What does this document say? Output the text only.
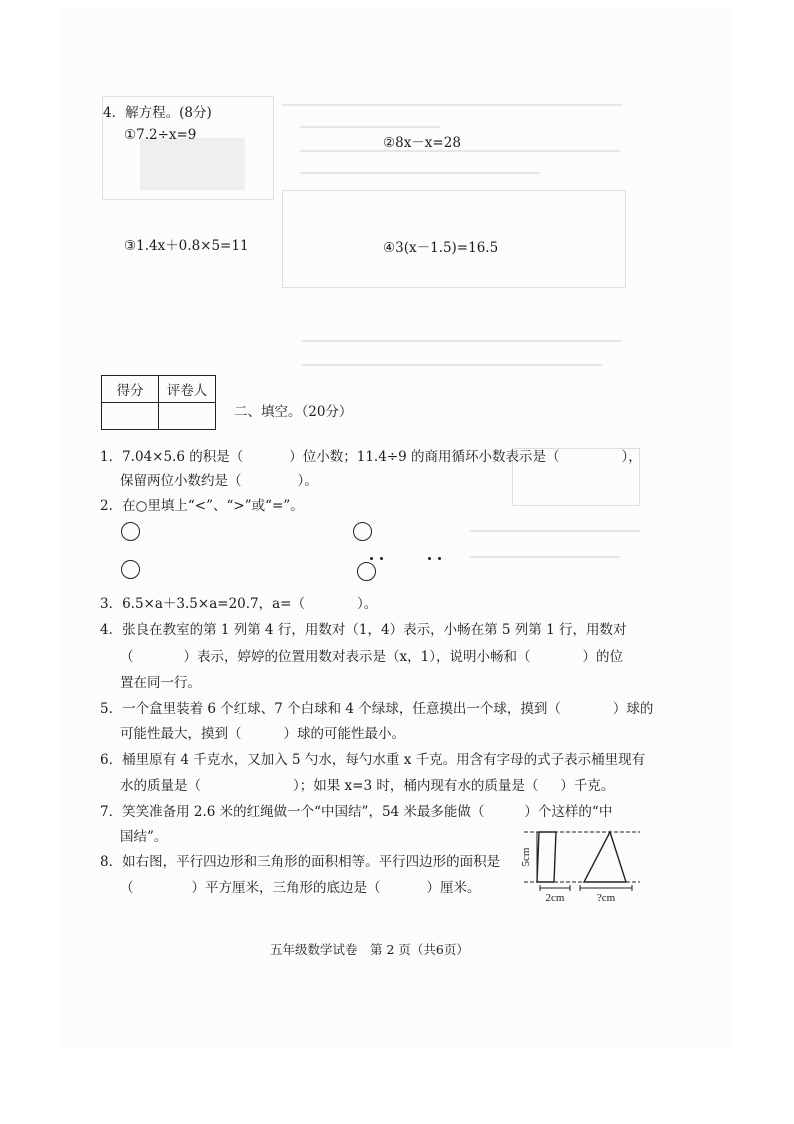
4．解方程。(8分)
①7.2÷x=9	②8x－x=28
③1.4x＋0.8×5=11	④3(x－1.5)=16.5
得分	评卷人

二、填空。（20分）
1．7.04×5.6 的积是（	）位小数；11.4÷9 的商用循环小数表示是（	），
保留两位小数约是（	）。
2．在○里填上“<”、“>”或“=”。
3．6.5×a＋3.5×a=20.7，a=（	）。
4．张良在教室的第 1 列第 4 行，用数对（1，4）表示，小畅在第 5 列第 1 行，用数对
（	）表示，婷婷的位置用数对表示是（x，1），说明小畅和（	）的位
置在同一行。
5．一个盒里装着 6 个红球、7 个白球和 4 个绿球，任意摸出一个球，摸到（	）球的
可能性最大，摸到（	）球的可能性最小。
6．桶里原有 4 千克水，又加入 5 勺水，每勺水重 x 千克。用含有字母的式子表示桶里现有
水的质量是（	）；如果 x=3 时，桶内现有水的质量是（ ）千克。
7．笑笑准备用 2.6 米的红绳做一个“中国结”，54 米最多能做（	）个这样的“中
国结”。
8．如右图，平行四边形和三角形的面积相等。平行四边形的面积是
（	）平方厘米，三角形的底边是（	）厘米。
5cm
2cm	?cm
五年级数学试卷　第 2 页（共6页）
